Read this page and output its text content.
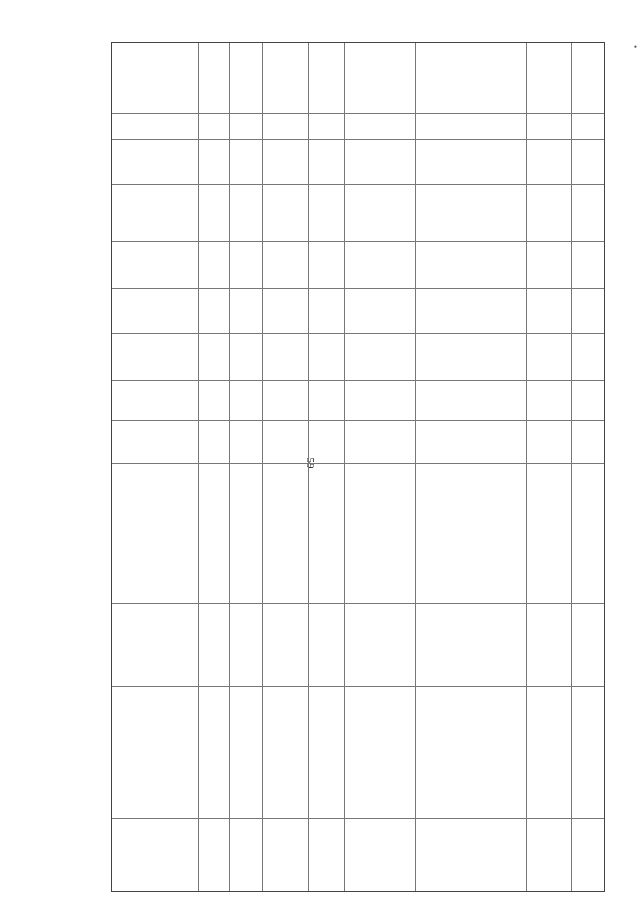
59
•
